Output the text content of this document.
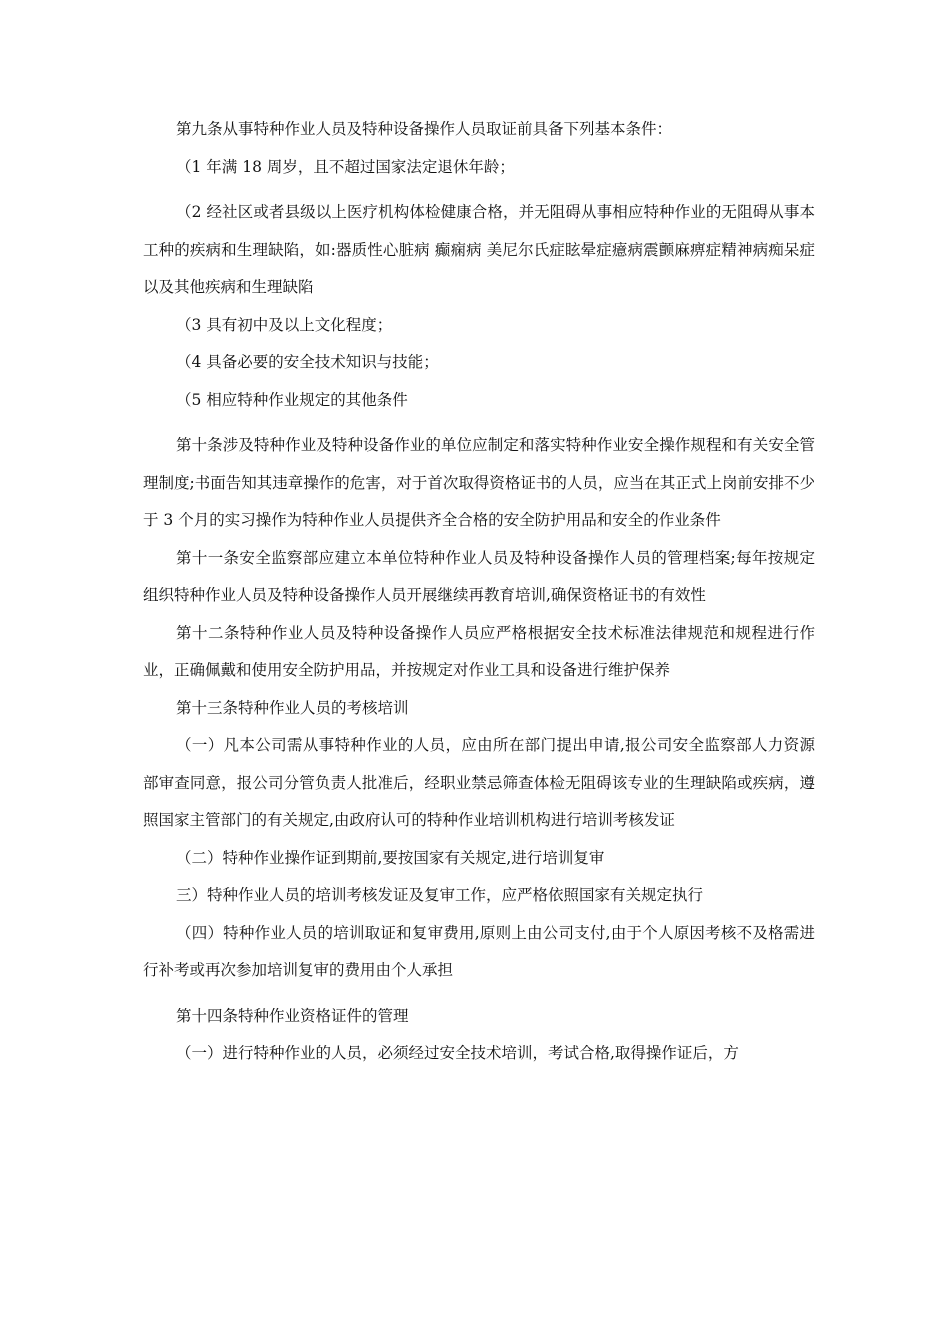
第九条从事特种作业人员及特种设备操作人员取证前具备下列基本条件：

（1 年满 18 周岁，且不超过国家法定退休年龄；

（2 经社区或者县级以上医疗机构体检健康合格，并无阻碍从事相应特种作业的无阻碍从事本工种的疾病和生理缺陷，如:器质性心脏病 癫痫病 美尼尔氏症眩晕症癔病震颤麻痹症精神病痴呆症以及其他疾病和生理缺陷

（3 具有初中及以上文化程度；

（4 具备必要的安全技术知识与技能；

（5 相应特种作业规定的其他条件

第十条涉及特种作业及特种设备作业的单位应制定和落实特种作业安全操作规程和有关安全管理制度;书面告知其违章操作的危害，对于首次取得资格证书的人员，应当在其正式上岗前安排不少于 3 个月的实习操作为特种作业人员提供齐全合格的安全防护用品和安全的作业条件

第十一条安全监察部应建立本单位特种作业人员及特种设备操作人员的管理档案;每年按规定组织特种作业人员及特种设备操作人员开展继续再教育培训,确保资格证书的有效性

第十二条特种作业人员及特种设备操作人员应严格根据安全技术标准法律规范和规程进行作业，正确佩戴和使用安全防护用品，并按规定对作业工具和设备进行维护保养

第十三条特种作业人员的考核培训

（一）凡本公司需从事特种作业的人员，应由所在部门提出申请,报公司安全监察部人力资源部审查同意，报公司分管负责人批准后，经职业禁忌筛查体检无阻碍该专业的生理缺陷或疾病，遵照国家主管部门的有关规定,由政府认可的特种作业培训机构进行培训考核发证

（二）特种作业操作证到期前,要按国家有关规定,进行培训复审

三）特种作业人员的培训考核发证及复审工作，应严格依照国家有关规定执行

（四）特种作业人员的培训取证和复审费用,原则上由公司支付,由于个人原因考核不及格需进行补考或再次参加培训复审的费用由个人承担

第十四条特种作业资格证件的管理

（一）进行特种作业的人员，必须经过安全技术培训，考试合格,取得操作证后，方
